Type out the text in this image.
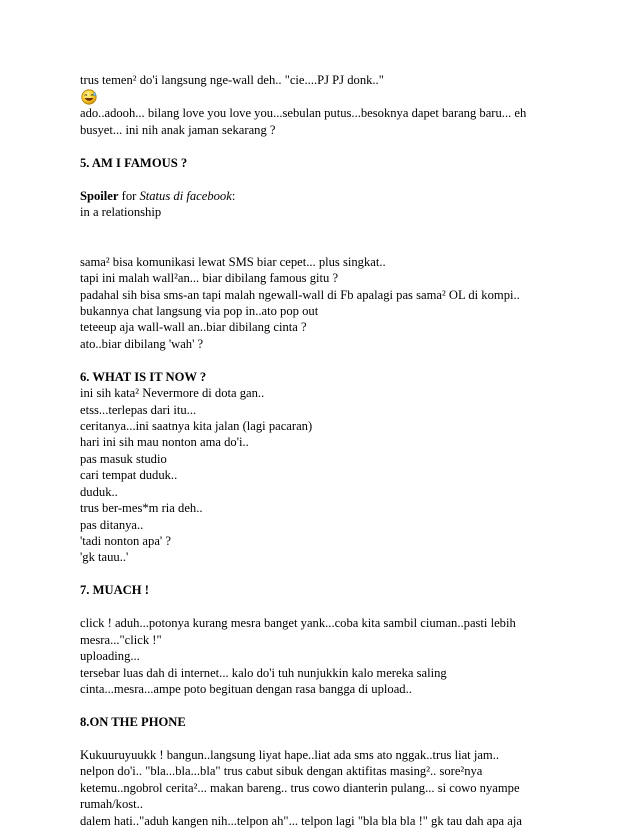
trus temen² do'i langsung nge-wall deh.. "cie....PJ PJ donk.."
ado..adooh... bilang love you love you...sebulan putus...besoknya dapet barang baru... eh
busyet... ini nih anak jaman sekarang ?
5. AM I FAMOUS ?
Spoiler for Status di facebook:
in a relationship
sama² bisa komunikasi lewat SMS biar cepet... plus singkat..
tapi ini malah wall²an... biar dibilang famous gitu ?
padahal sih bisa sms-an tapi malah ngewall-wall di Fb apalagi pas sama² OL di kompi..
bukannya chat langsung via pop in..ato pop out
teteeup aja wall-wall an..biar dibilang cinta ?
ato..biar dibilang 'wah' ?
6. WHAT IS IT NOW ?
ini sih kata² Nevermore di dota gan..
etss...terlepas dari itu...
ceritanya...ini saatnya kita jalan (lagi pacaran)
hari ini sih mau nonton ama do'i..
pas masuk studio
cari tempat duduk..
duduk..
trus ber-mes*m ria deh..
pas ditanya..
'tadi nonton apa' ?
'gk tauu..'
7. MUACH !
click ! aduh...potonya kurang mesra banget yank...coba kita sambil ciuman..pasti lebih
mesra..."click !"
uploading...
tersebar luas dah di internet... kalo do'i tuh nunjukkin kalo mereka saling
cinta...mesra...ampe poto begituan dengan rasa bangga di upload..
8.ON THE PHONE
Kukuuruyuukk ! bangun..langsung liyat hape..liat ada sms ato nggak..trus liat jam..
nelpon do'i.. "bla...bla...bla" trus cabut sibuk dengan aktifitas masing².. sore²nya
ketemu..ngobrol cerita²... makan bareng.. trus cowo dianterin pulang... si cowo nyampe
rumah/kost..
dalem hati.."aduh kangen nih...telpon ah"... telpon lagi "bla bla bla !" gk tau dah apa aja
